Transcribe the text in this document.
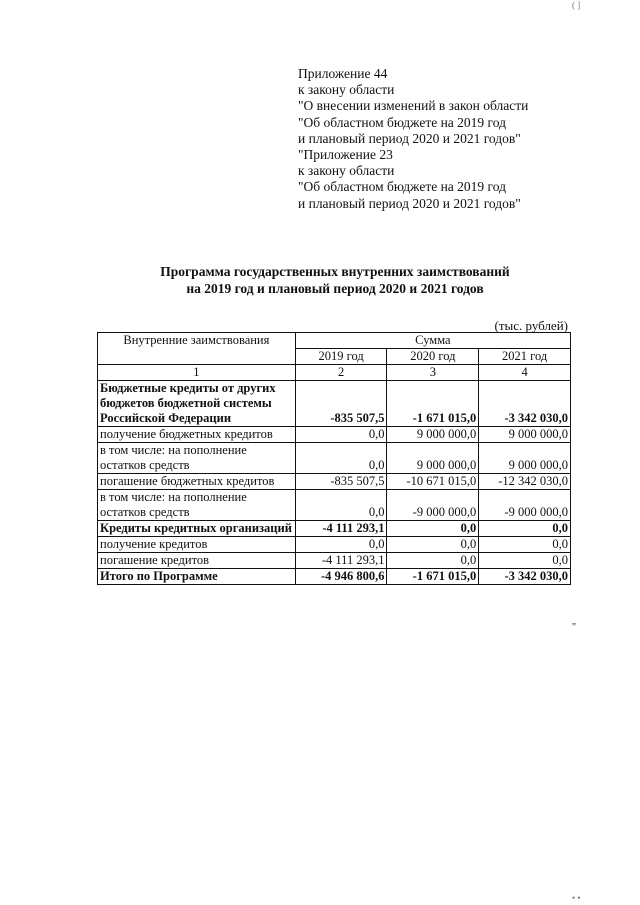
( ]
Приложение 44
к закону области
"О внесении изменений в закон области
"Об областном бюджете на 2019 год
и плановый период 2020 и 2021 годов"
"Приложение 23
к закону области
"Об областном бюджете на 2019 год
и плановый период 2020 и 2021 годов"
Программа государственных внутренних заимствований
на 2019 год и плановый период 2020 и 2021 годов
(тыс. рублей)
Внутренние заимствования	Сумма		
	2019 год	2020 год	2021 год
1	2	3	4
Бюджетные кредиты от других бюджетов бюджетной системы Российской Федерации	-835 507,5	-1 671 015,0	-3 342 030,0
получение бюджетных кредитов	0,0	9 000 000,0	9 000 000,0
в том числе: на пополнение остатков средств	0,0	9 000 000,0	9 000 000,0
погашение бюджетных кредитов	-835 507,5	-10 671 015,0	-12 342 030,0
в том числе: на пополнение остатков средств	0,0	-9 000 000,0	-9 000 000,0
Кредиты кредитных организаций	-4 111 293,1	0,0	0,0
получение кредитов	0,0	0,0	0,0
погашение кредитов	-4 111 293,1	0,0	0,0
Итого по Программе	-4 946 800,6	-1 671 015,0	-3 342 030,0
"
• •
